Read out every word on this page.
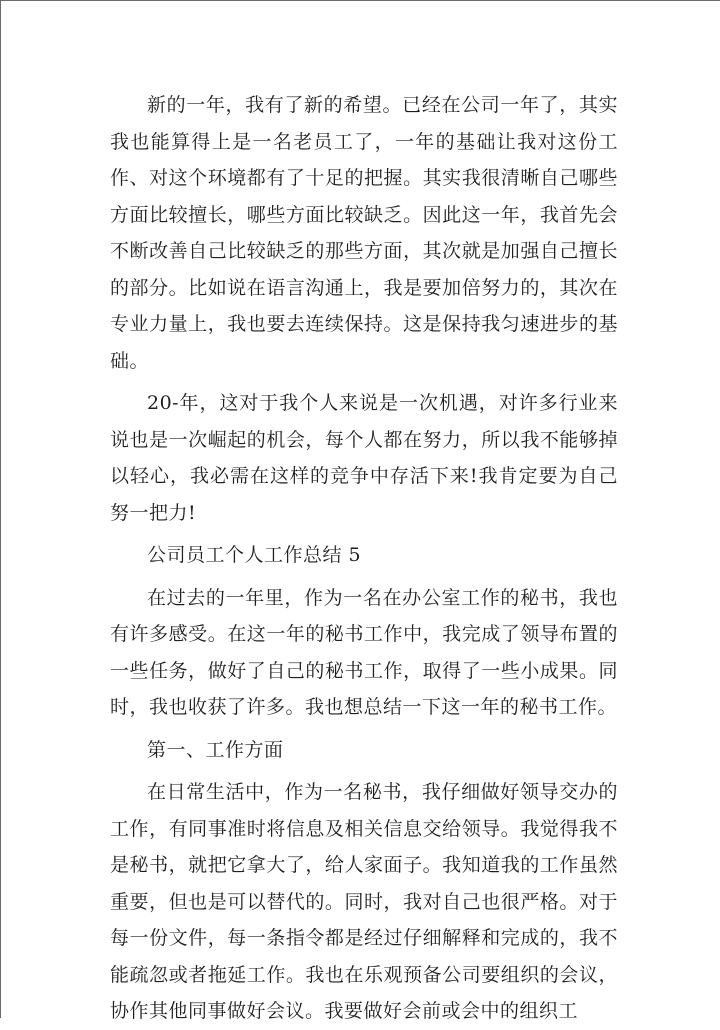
新的一年，我有了新的希望。已经在公司一年了，其实我也能算得上是一名老员工了，一年的基础让我对这份工作、对这个环境都有了十足的把握。其实我很清晰自己哪些方面比较擅长，哪些方面比较缺乏。因此这一年，我首先会不断改善自己比较缺乏的那些方面，其次就是加强自己擅长的部分。比如说在语言沟通上，我是要加倍努力的，其次在专业力量上，我也要去连续保持。这是保持我匀速进步的基础。

20-年，这对于我个人来说是一次机遇，对许多行业来说也是一次崛起的机会，每个人都在努力，所以我不能够掉以轻心，我必需在这样的竞争中存活下来!我肯定要为自己努一把力!

公司员工个人工作总结 5

在过去的一年里，作为一名在办公室工作的秘书，我也有许多感受。在这一年的秘书工作中，我完成了领导布置的一些任务，做好了自己的秘书工作，取得了一些小成果。同时，我也收获了许多。我也想总结一下这一年的秘书工作。

第一、工作方面

在日常生活中，作为一名秘书，我仔细做好领导交办的工作，有同事准时将信息及相关信息交给领导。我觉得我不是秘书，就把它拿大了，给人家面子。我知道我的工作虽然重要，但也是可以替代的。同时，我对自己也很严格。对于每一份文件，每一条指令都是经过仔细解释和完成的，我不能疏忽或者拖延工作。我也在乐观预备公司要组织的会议，协作其他同事做好会议。我要做好会前或会中的组织工
